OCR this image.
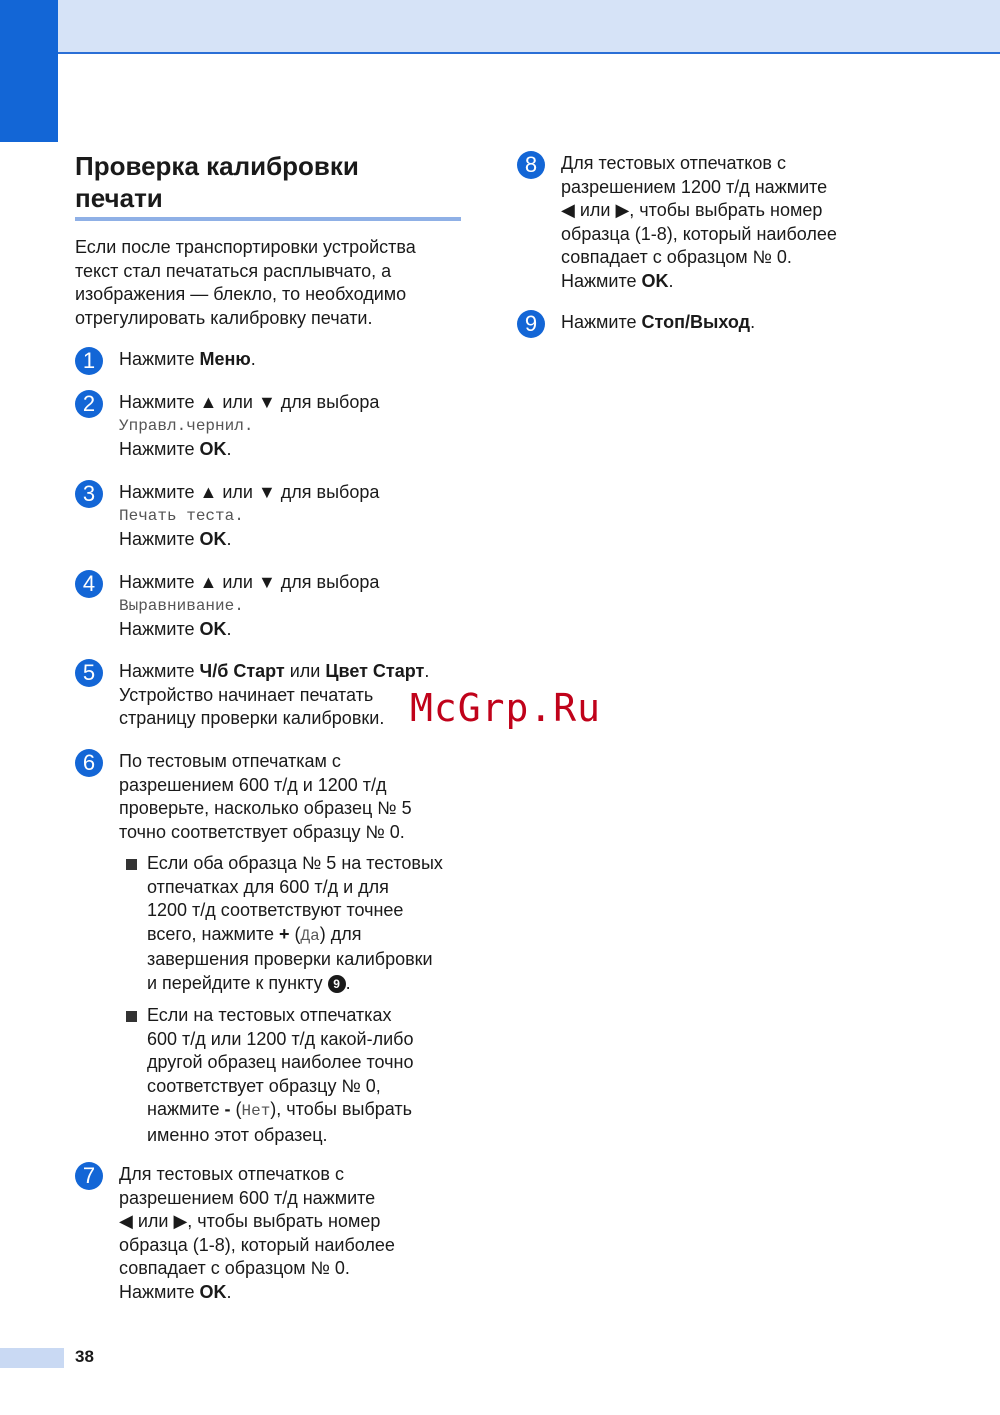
Проверка калибровки
печати
Если после транспортировки устройства
текст стал печататься расплывчато, а
изображения — блекло, то необходимо
отрегулировать калибровку печати.
1	Нажмите Меню.
2	Нажмите ▲ или ▼ для выбора
Управл.чернил.
Нажмите OK.
3	Нажмите ▲ или ▼ для выбора
Печать теста.
Нажмите OK.
4	Нажмите ▲ или ▼ для выбора
Выравнивание.
Нажмите OK.
5	Нажмите Ч/б Старт или Цвет Старт.
Устройство начинает печатать
страницу проверки калибровки.
6	По тестовым отпечаткам с
разрешением 600 т/д и 1200 т/д
проверьте, насколько образец № 5
точно соответствует образцу № 0.
Если оба образца № 5 на тестовых
отпечатках для 600 т/д и для
1200 т/д соответствуют точнее
всего, нажмите + (Да) для
завершения проверки калибровки
и перейдите к пункту 9 .
Если на тестовых отпечатках
600 т/д или 1200 т/д какой-либо
другой образец наиболее точно
соответствует образцу № 0,
нажмите - (Нет), чтобы выбрать
именно этот образец.
7	Для тестовых отпечатков с
разрешением 600 т/д нажмите
◀ или ▶, чтобы выбрать номер
образца (1-8), который наиболее
совпадает с образцом № 0.
Нажмите OK.
8	Для тестовых отпечатков с
разрешением 1200 т/д нажмите
◀ или ▶, чтобы выбрать номер
образца (1-8), который наиболее
совпадает с образцом № 0.
Нажмите OK.
9	Нажмите Стоп/Выход.
McGrp.Ru
38
